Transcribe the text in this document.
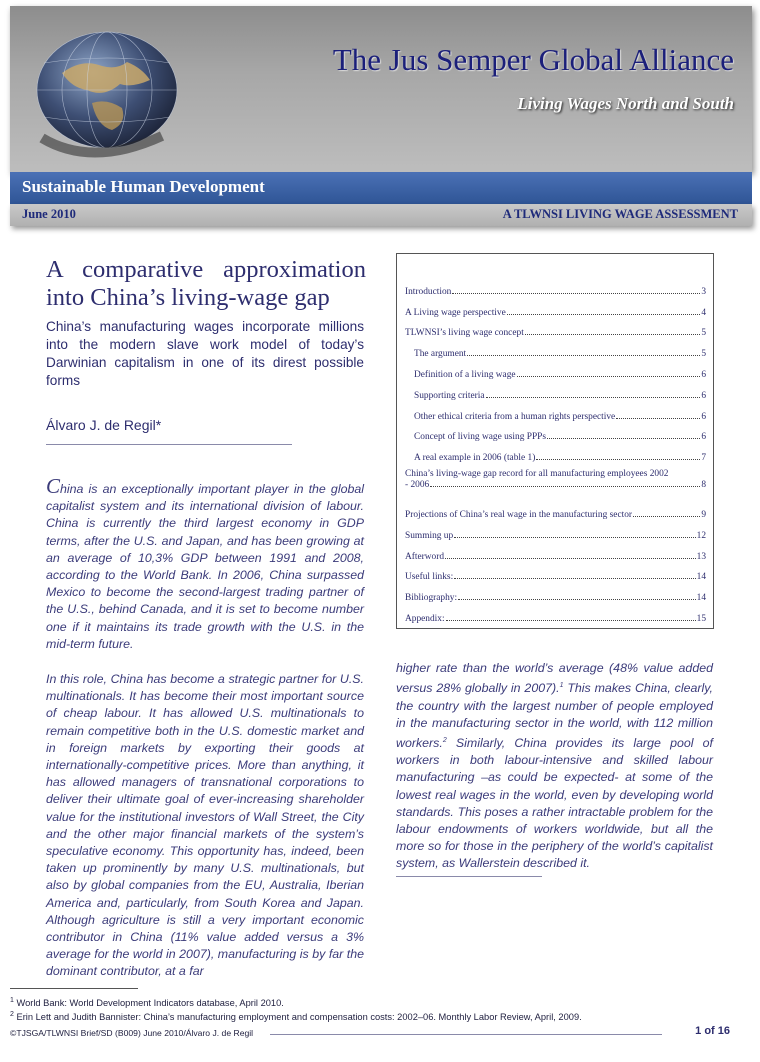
The Jus Semper Global Alliance
Living Wages North and South
Sustainable Human Development
June 2010	A TLWNSI LIVING WAGE ASSESSMENT
A comparative approximation into China’s living-wage gap
China’s manufacturing wages incorporate millions into the modern slave work model of today’s Darwinian capitalism in one of its direst possible forms
Álvaro J. de Regil*
China is an exceptionally important player in the global capitalist system and its international division of labour. China is currently the third largest economy in GDP terms, after the U.S. and Japan, and has been growing at an average of 10,3% GDP between 1991 and 2008, according to the World Bank. In 2006, China surpassed Mexico to become the second-largest trading partner of the U.S., behind Canada, and it is set to become number one if it maintains its trade growth with the U.S. in the mid-term future.
In this role, China has become a strategic partner for U.S. multinationals. It has become their most important source of cheap labour. It has allowed U.S. multinationals to remain competitive both in the U.S. domestic market and in foreign markets by exporting their goods at internationally-competitive prices. More than anything, it has allowed managers of transnational corporations to deliver their ultimate goal of ever-increasing shareholder value for the institutional investors of Wall Street, the City and the other major financial markets of the system’s speculative economy. This opportunity has, indeed, been taken up prominently by many U.S. multinationals, but also by global companies from the EU, Australia, Iberian America and, particularly, from South Korea and Japan. Although agriculture is still a very important economic contributor in China (11% value added versus a 3% average for the world in 2007), manufacturing is by far the dominant contributor, at a far
higher rate than the world’s average (48% value added versus 28% globally in 2007).$^1$ This makes China, clearly, the country with the largest number of people employed in the manufacturing sector in the world, with 112 million workers.$^2$ Similarly, China provides its large pool of workers in both labour-intensive and skilled labour manufacturing –as could be expected- at some of the lowest real wages in the world, even by developing world standards. This poses a rather intractable problem for the labour endowments of workers worldwide, but all the more so for those in the periphery of the world’s capitalist system, as Wallerstein described it.
Introduction	3
A Living wage perspective	4
TLWNSI’s living wage concept	5
The argument	5
Definition of a living wage	6
Supporting criteria	6
Other ethical criteria from a human rights perspective	6
Concept of living wage using PPPs	6
A real example in 2006 (table 1)	7
China’s living-wage gap record for all manufacturing employees 2002
- 2006	8
Projections of China’s real wage in the manufacturing sector	9
Summing up	12
Afterword	13
Useful links:	14
Bibliography:	14
Appendix:	15
$^1$ World Bank: World Development Indicators database, April 2010.
$^2$ Erin Lett and Judith Bannister: China’s manufacturing employment and compensation costs: 2002–06. Monthly Labor Review, April, 2009.
©TJSGA/TLWNSI Brief/SD (B009) June 2010/Álvaro J. de Regil	1 of 16
